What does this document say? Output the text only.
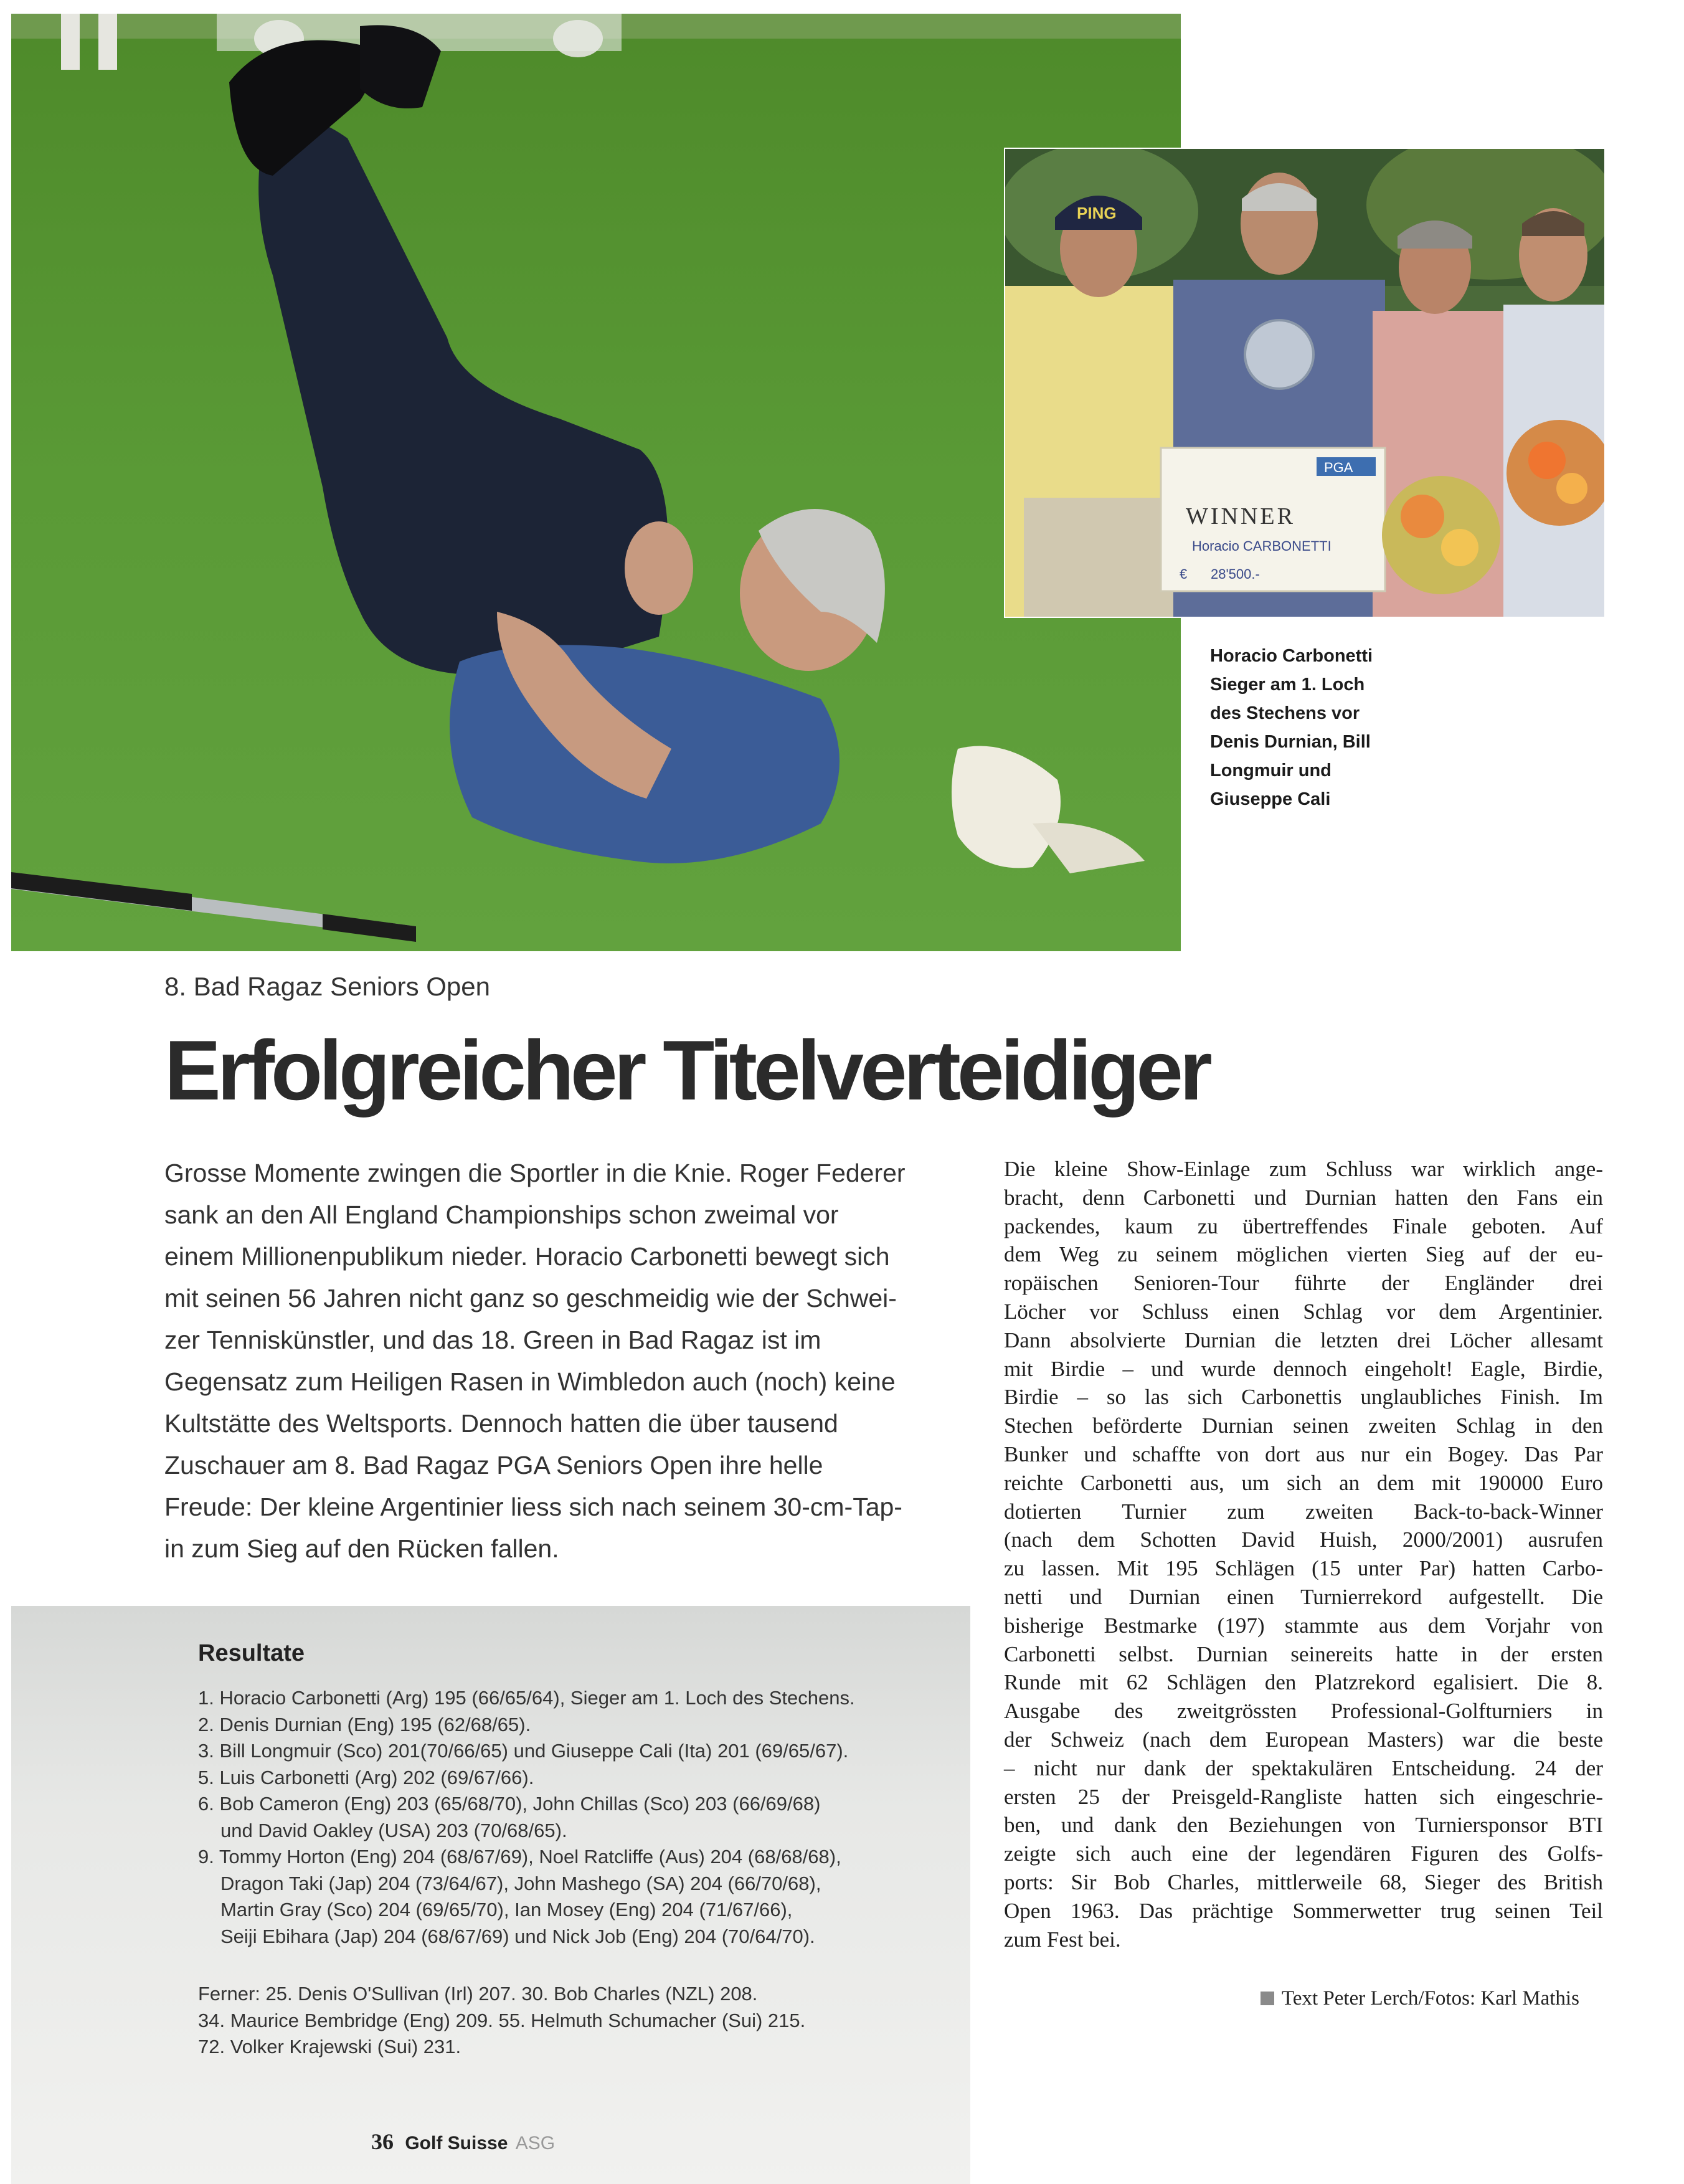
PING
PGA
WINNER
Horacio CARBONETTI
€ 28'500.-
Horacio Carbonetti
Sieger am 1. Loch
des Stechens vor
Denis Durnian, Bill
Longmuir und
Giuseppe Cali
8. Bad Ragaz Seniors Open
Erfolgreicher Titelverteidiger
Grosse Momente zwingen die Sportler in die Knie. Roger Federer
sank an den All England Championships schon zweimal vor
einem Millionenpublikum nieder. Horacio Carbonetti bewegt sich
mit seinen 56 Jahren nicht ganz so geschmeidig wie der Schwei-
zer Tenniskünstler, und das 18. Green in Bad Ragaz ist im
Gegensatz zum Heiligen Rasen in Wimbledon auch (noch) keine
Kultstätte des Weltsports. Dennoch hatten die über tausend
Zuschauer am 8. Bad Ragaz PGA Seniors Open ihre helle
Freude: Der kleine Argentinier liess sich nach seinem 30-cm-Tap-
in zum Sieg auf den Rücken fallen.
Resultate
1. Horacio Carbonetti (Arg) 195 (66/65/64), Sieger am 1. Loch des Stechens.
2. Denis Durnian (Eng) 195 (62/68/65).
3. Bill Longmuir (Sco) 201(70/66/65) und Giuseppe Cali (Ita) 201 (69/65/67).
5. Luis Carbonetti (Arg) 202 (69/67/66).
6. Bob Cameron (Eng) 203 (65/68/70), John Chillas (Sco) 203 (66/69/68)
und David Oakley (USA) 203 (70/68/65).
9. Tommy Horton (Eng) 204 (68/67/69), Noel Ratcliffe (Aus) 204 (68/68/68),
Dragon Taki (Jap) 204 (73/64/67), John Mashego (SA) 204 (66/70/68),
Martin Gray (Sco) 204 (69/65/70), Ian Mosey (Eng) 204 (71/67/66),
Seiji Ebihara (Jap) 204 (68/67/69) und Nick Job (Eng) 204 (70/64/70).
Ferner: 25. Denis O'Sullivan (Irl) 207. 30. Bob Charles (NZL) 208.
34. Maurice Bembridge (Eng) 209. 55. Helmuth Schumacher (Sui) 215.
72. Volker Krajewski (Sui) 231.
Die kleine Show-Einlage zum Schluss war wirklich ange-
bracht, denn Carbonetti und Durnian hatten den Fans ein
packendes, kaum zu übertreffendes Finale geboten. Auf
dem Weg zu seinem möglichen vierten Sieg auf der eu-
ropäischen Senioren-Tour führte der Engländer drei
Löcher vor Schluss einen Schlag vor dem Argentinier.
Dann absolvierte Durnian die letzten drei Löcher allesamt
mit Birdie – und wurde dennoch eingeholt! Eagle, Birdie,
Birdie – so las sich Carbonettis unglaubliches Finish. Im
Stechen beförderte Durnian seinen zweiten Schlag in den
Bunker und schaffte von dort aus nur ein Bogey. Das Par
reichte Carbonetti aus, um sich an dem mit 190000 Euro
dotierten Turnier zum zweiten Back-to-back-Winner
(nach dem Schotten David Huish, 2000/2001) ausrufen
zu lassen. Mit 195 Schlägen (15 unter Par) hatten Carbo-
netti und Durnian einen Turnierrekord aufgestellt. Die
bisherige Bestmarke (197) stammte aus dem Vorjahr von
Carbonetti selbst. Durnian seinereits hatte in der ersten
Runde mit 62 Schlägen den Platzrekord egalisiert. Die 8.
Ausgabe des zweitgrössten Professional-Golfturniers in
der Schweiz (nach dem European Masters) war die beste
– nicht nur dank der spektakulären Entscheidung. 24 der
ersten 25 der Preisgeld-Rangliste hatten sich eingeschrie-
ben, und dank den Beziehungen von Turniersponsor BTI
zeigte sich auch eine der legendären Figuren des Golfs-
ports: Sir Bob Charles, mittlerweile 68, Sieger des British
Open 1963. Das prächtige Sommerwetter trug seinen Teil
zum Fest bei.
Text Peter Lerch/Fotos: Karl Mathis
36 Golf Suisse ASG
